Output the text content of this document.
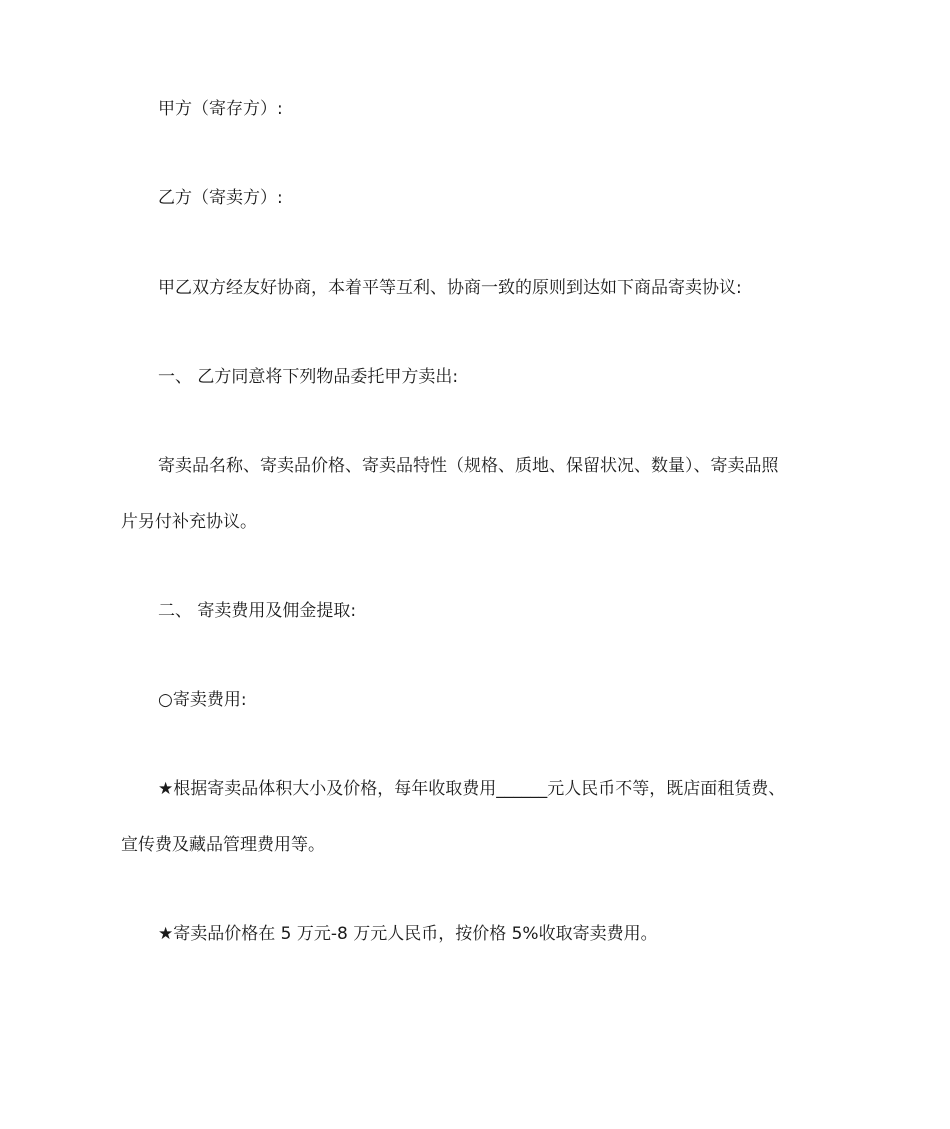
甲方（寄存方）:
乙方（寄卖方）:
甲乙双方经友好协商，本着平等互利、协商一致的原则到达如下商品寄卖协议:
一、 乙方同意将下列物品委托甲方卖出:
寄卖品名称、寄卖品价格、寄卖品特性（规格、质地、保留状况、数量）、寄卖品照
片另付补充协议。
二、 寄卖费用及佣金提取:
○寄卖费用:
★根据寄卖品体积大小及价格，每年收取费用______元人民币不等，既店面租赁费、
宣传费及藏品管理费用等。
★寄卖品价格在 5 万元-8 万元人民币，按价格 5%收取寄卖费用。
